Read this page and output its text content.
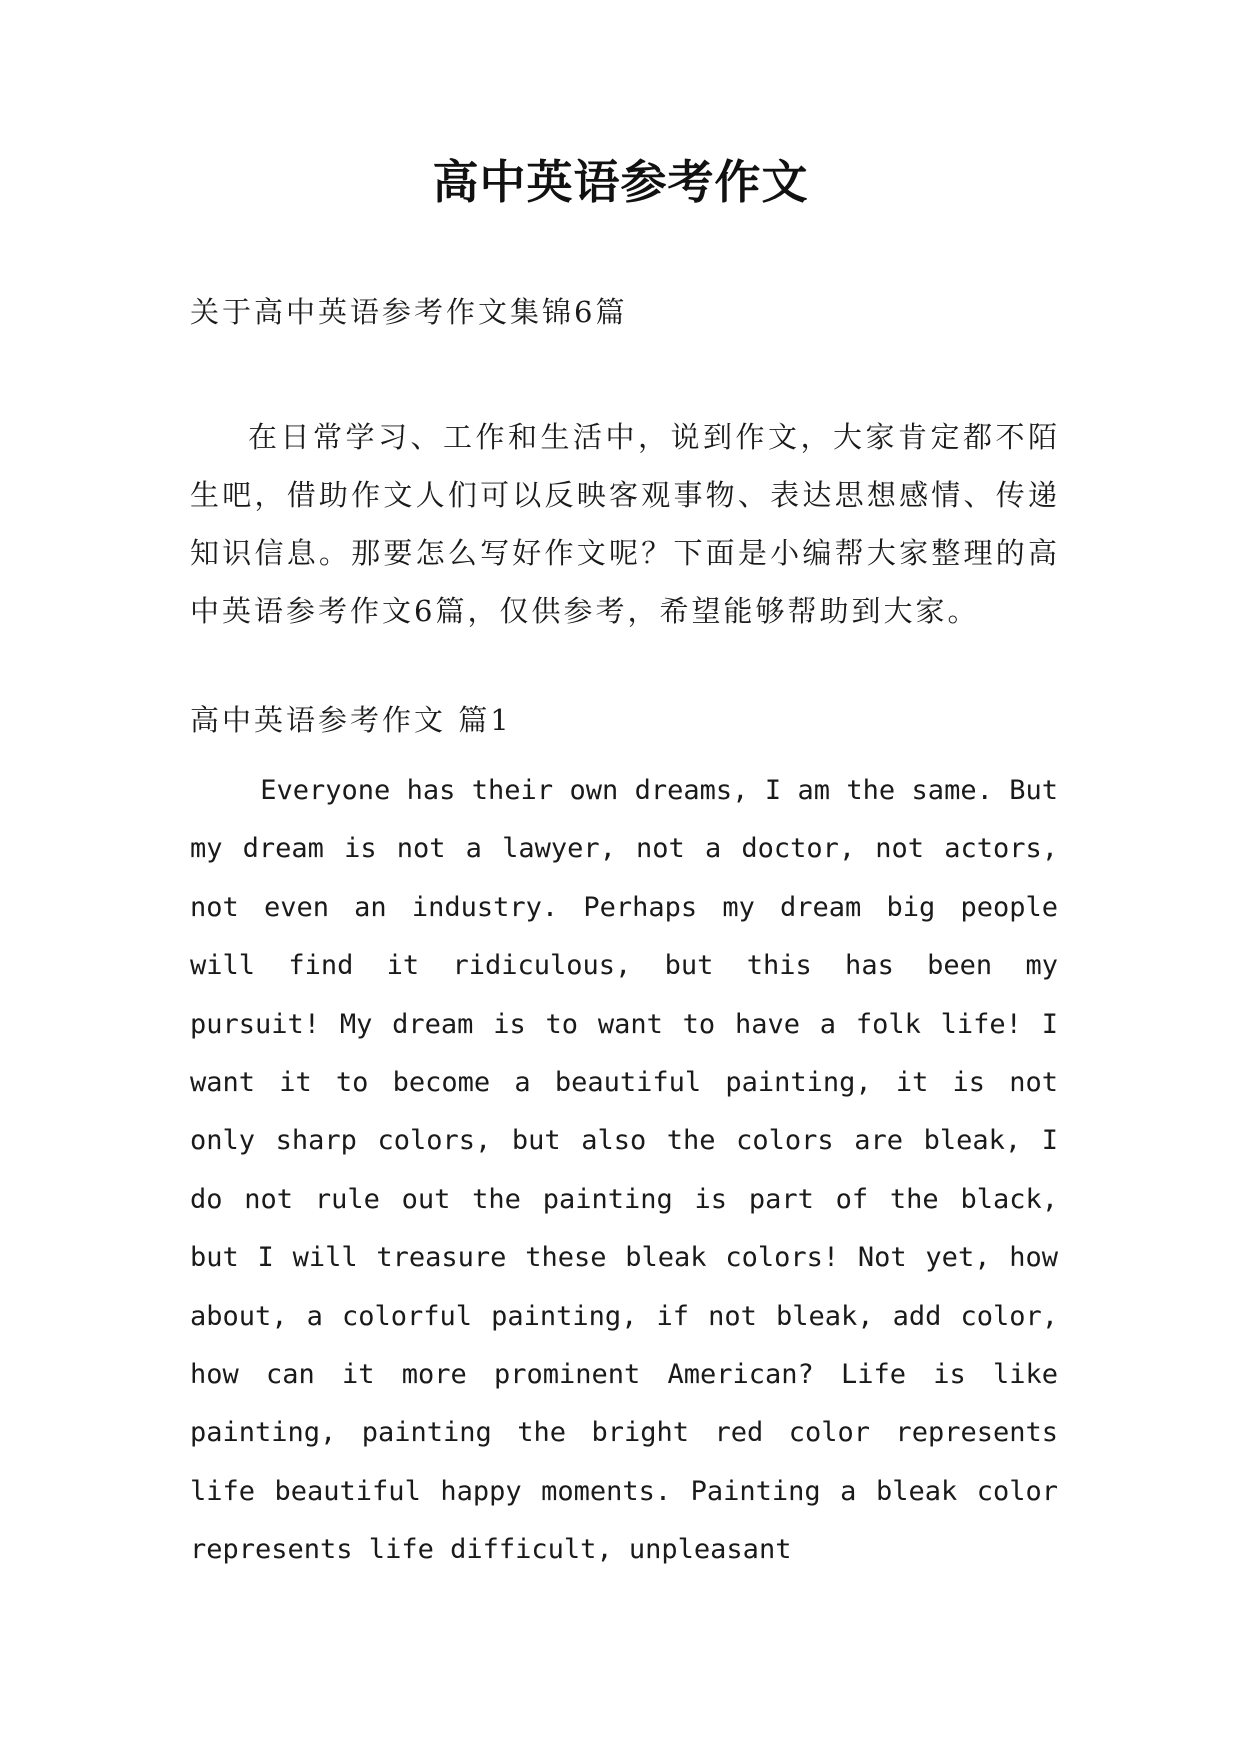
高中英语参考作文
关于高中英语参考作文集锦6篇
在日常学习、工作和生活中，说到作文，大家肯定都不陌生吧，借助作文人们可以反映客观事物、表达思想感情、传递知识信息。那要怎么写好作文呢？下面是小编帮大家整理的高中英语参考作文6篇，仅供参考，希望能够帮助到大家。
高中英语参考作文 篇1
Everyone has their own dreams, I am the same. But my dream is not a lawyer, not a doctor, not actors, not even an industry. Perhaps my dream big people will find it ridiculous, but this has been my pursuit! My dream is to want to have a folk life! I want it to become a beautiful painting, it is not only sharp colors, but also the colors are bleak, I do not rule out the painting is part of the black, but I will treasure these bleak colors! Not yet, how about, a colorful painting, if not bleak, add color, how can it more prominent American? Life is like painting, painting the bright red color represents life beautiful happy moments. Painting a bleak color represents life difficult, unpleasant
